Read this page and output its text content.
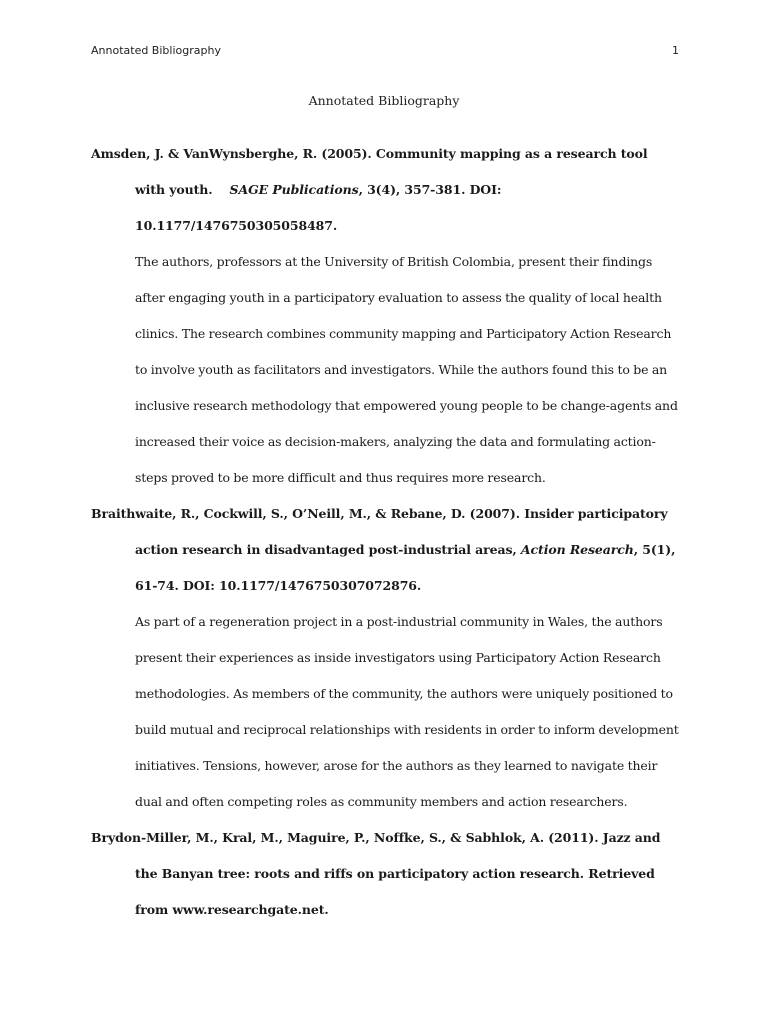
Annotated Bibliography	1
Annotated Bibliography

Amsden, J. & VanWynsberghe, R. (2005). Community mapping as a research tool with youth. SAGE Publications, 3(4), 357-381. DOI: 10.1177/1476750305058487.

The authors, professors at the University of British Colombia, present their findings after engaging youth in a participatory evaluation to assess the quality of local health clinics. The research combines community mapping and Participatory Action Research to involve youth as facilitators and investigators. While the authors found this to be an inclusive research methodology that empowered young people to be change-agents and increased their voice as decision-makers, analyzing the data and formulating action-steps proved to be more difficult and thus requires more research.

Braithwaite, R., Cockwill, S., O’Neill, M., & Rebane, D. (2007). Insider participatory action research in disadvantaged post-industrial areas, Action Research, 5(1), 61-74. DOI: 10.1177/1476750307072876.

As part of a regeneration project in a post-industrial community in Wales, the authors present their experiences as inside investigators using Participatory Action Research methodologies. As members of the community, the authors were uniquely positioned to build mutual and reciprocal relationships with residents in order to inform development initiatives. Tensions, however, arose for the authors as they learned to navigate their dual and often competing roles as community members and action researchers.

Brydon-Miller, M., Kral, M., Maguire, P., Noffke, S., & Sabhlok, A. (2011). Jazz and the Banyan tree: roots and riffs on participatory action research. Retrieved from www.researchgate.net.
